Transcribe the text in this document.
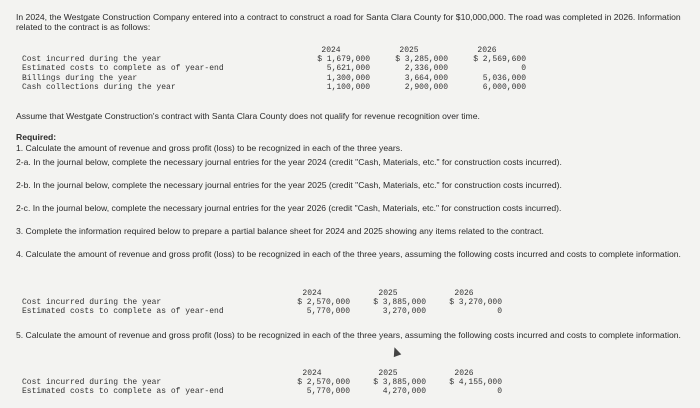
In 2024, the Westgate Construction Company entered into a contract to construct a road for Santa Clara County for $10,000,000. The road was completed in 2026. Information related to the contract is as follows:
	2024	2025	2026
Cost incurred during the year	$ 1,679,000	$ 3,285,000	$ 2,569,600
Estimated costs to complete as of year-end	5,621,000	2,336,000	0
Billings during the year	1,300,000	3,664,000	5,036,000
Cash collections during the year	1,100,000	2,900,000	6,000,000
Assume that Westgate Construction's contract with Santa Clara County does not qualify for revenue recognition over time.
Required:
1. Calculate the amount of revenue and gross profit (loss) to be recognized in each of the three years.
2-a. In the journal below, complete the necessary journal entries for the year 2024 (credit "Cash, Materials, etc." for construction costs incurred).
2-b. In the journal below, complete the necessary journal entries for the year 2025 (credit "Cash, Materials, etc." for construction costs incurred).
2-c. In the journal below, complete the necessary journal entries for the year 2026 (credit "Cash, Materials, etc." for construction costs incurred).
3. Complete the information required below to prepare a partial balance sheet for 2024 and 2025 showing any items related to the contract.
4. Calculate the amount of revenue and gross profit (loss) to be recognized in each of the three years, assuming the following costs incurred and costs to complete information.
	2024	2025	2026
Cost incurred during the year	$ 2,570,000	$ 3,885,000	$ 3,270,000
Estimated costs to complete as of year-end	5,770,000	3,270,000	0
5. Calculate the amount of revenue and gross profit (loss) to be recognized in each of the three years, assuming the following costs incurred and costs to complete information.
	2024	2025	2026
Cost incurred during the year	$ 2,570,000	$ 3,885,000	$ 4,155,000
Estimated costs to complete as of year-end	5,770,000	4,270,000	0
